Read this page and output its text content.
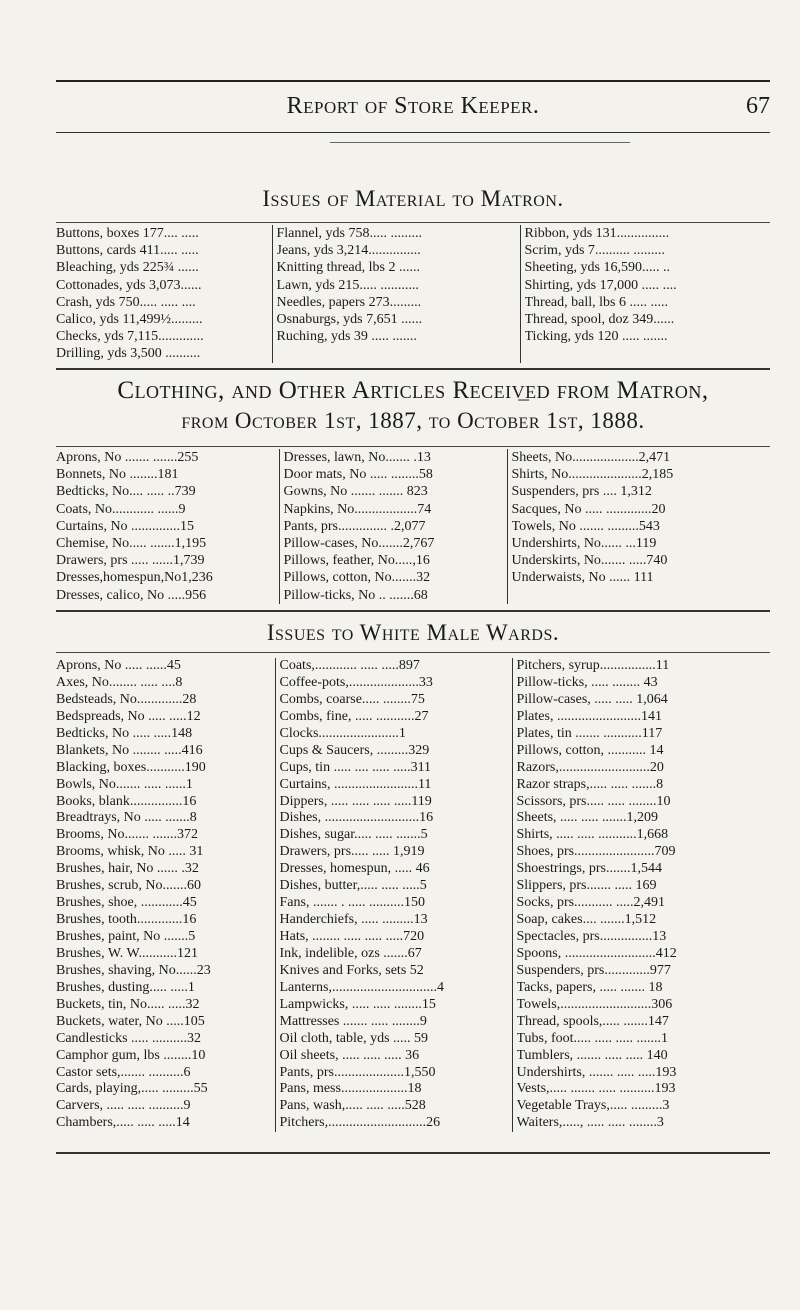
Report of Store Keeper.	67
Issues of Material to Matron.
Buttons, boxes 177.... .....
Buttons, cards 411..... .....
Bleaching, yds 225¾ ......
Cottonades, yds 3,073......
Crash, yds 750..... ..... ....
Calico, yds 11,499½.........
Checks, yds 7,115.............
Drilling, yds 3,500 ..........

Flannel, yds 758..... .........
Jeans, yds 3,214...............
Knitting thread, lbs 2 ......
Lawn, yds 215..... ...........
Needles, papers 273.........
Osnaburgs, yds 7,651 ......
Ruching, yds 39 ..... .......

Ribbon, yds 131...............
Scrim, yds 7.......... .........
Sheeting, yds 16,590..... ..
Shirting, yds 17,000 ..... ....
Thread, ball, lbs 6 ..... .....
Thread, spool, doz 349......
Ticking, yds 120 ..... .......
Clothing, and Other Articles Receiv͟ed from Matron,
from October 1st, 1887, to October 1st, 1888.
Aprons, No ....... .......255
Bonnets, No ........181
Bedticks, No.... ..... ..739
Coats, No............ ......9
Curtains, No ..............15
Chemise, No..... .......1,195
Drawers, prs ..... ......1,739
Dresses,homespun,No1,236
Dresses, calico, No .....956

Dresses, lawn, No....... .13
Door mats, No ..... ........58
Gowns, No ....... ....... 823
Napkins, No..................74
Pants, prs.............. .2,077
Pillow-cases, No.......2,767
Pillows, feather, No.....,16
Pillows, cotton, No.......32
Pillow-ticks, No .. .......68

Sheets, No...................2,471
Shirts, No.....................2,185
Suspenders, prs .... 1,312
Sacques, No ..... .............20
Towels, No ....... .........543
Undershirts, No...... ...119
Underskirts, No....... .....740
Underwaists, No ...... 111
Issues to White Male Wards.
Aprons, No ..... ......45
Axes, No........ ..... ....8
Bedsteads, No.............28
Bedspreads, No ..... .....12
Bedticks, No ..... .....148
Blankets, No ........ .....416
Blacking, boxes...........190
Bowls, No....... ..... ......1
Books, blank...............16
Breadtrays, No ..... .......8
Brooms, No....... .......372
Brooms, whisk, No ..... 31
Brushes, hair, No ...... .32
Brushes, scrub, No.......60
Brushes, shoe, ............45
Brushes, tooth.............16
Brushes, paint, No .......5
Brushes, W. W...........121
Brushes, shaving, No......23
Brushes, dusting..... .....1
Buckets, tin, No..... .....32
Buckets, water, No .....105
Candlesticks ..... ..........32
Camphor gum, lbs ........10
Castor sets,....... ..........6
Cards, playing,..... .........55
Carvers, ..... ..... ..........9
Chambers,..... ..... .....14

Coats,............ ..... .....897
Coffee-pots,....................33
Combs, coarse..... ........75
Combs, fine, ..... ...........27
Clocks.......................1
Cups & Saucers, .........329
Cups, tin ..... .... ..... .....311
Curtains, ........................11
Dippers, ..... ..... ..... .....119
Dishes, ...........................16
Dishes, sugar..... ..... .......5
Drawers, prs..... ..... 1,919
Dresses, homespun, ..... 46
Dishes, butter,..... ..... .....5
Fans, ....... . ..... ..........150
Handerchiefs, ..... .........13
Hats, ........ ..... ..... .....720
Ink, indelible, ozs .......67
Knives and Forks, sets 52
Lanterns,..............................4
Lampwicks, ..... ..... ........15
Mattresses ....... ..... ........9
Oil cloth, table, yds ..... 59
Oil sheets, ..... ..... ..... 36
Pants, prs....................1,550
Pans, mess...................18
Pans, wash,..... ..... .....528
Pitchers,............................26

Pitchers, syrup................11
Pillow-ticks, ..... ........ 43
Pillow-cases, ..... ..... 1,064
Plates, ........................141
Plates, tin ....... ...........117
Pillows, cotton, ........... 14
Razors,..........................20
Razor straps,..... ..... .......8
Scissors, prs..... ..... ........10
Sheets, ..... ..... .......1,209
Shirts, ..... ..... ...........1,668
Shoes, prs.......................709
Shoestrings, prs.......1,544
Slippers, prs....... ..... 169
Socks, prs........... .....2,491
Soap, cakes.... .......1,512
Spectacles, prs...............13
Spoons, ..........................412
Suspenders, prs.............977
Tacks, papers, ..... ....... 18
Towels,..........................306
Thread, spools,..... .......147
Tubs, foot..... ..... ..... .......1
Tumblers, ....... ..... ..... 140
Undershirts, ....... ..... .....193
Vests,..... ....... ..... ..........193
Vegetable Trays,..... .........3
Waiters,....., ..... ..... ........3
